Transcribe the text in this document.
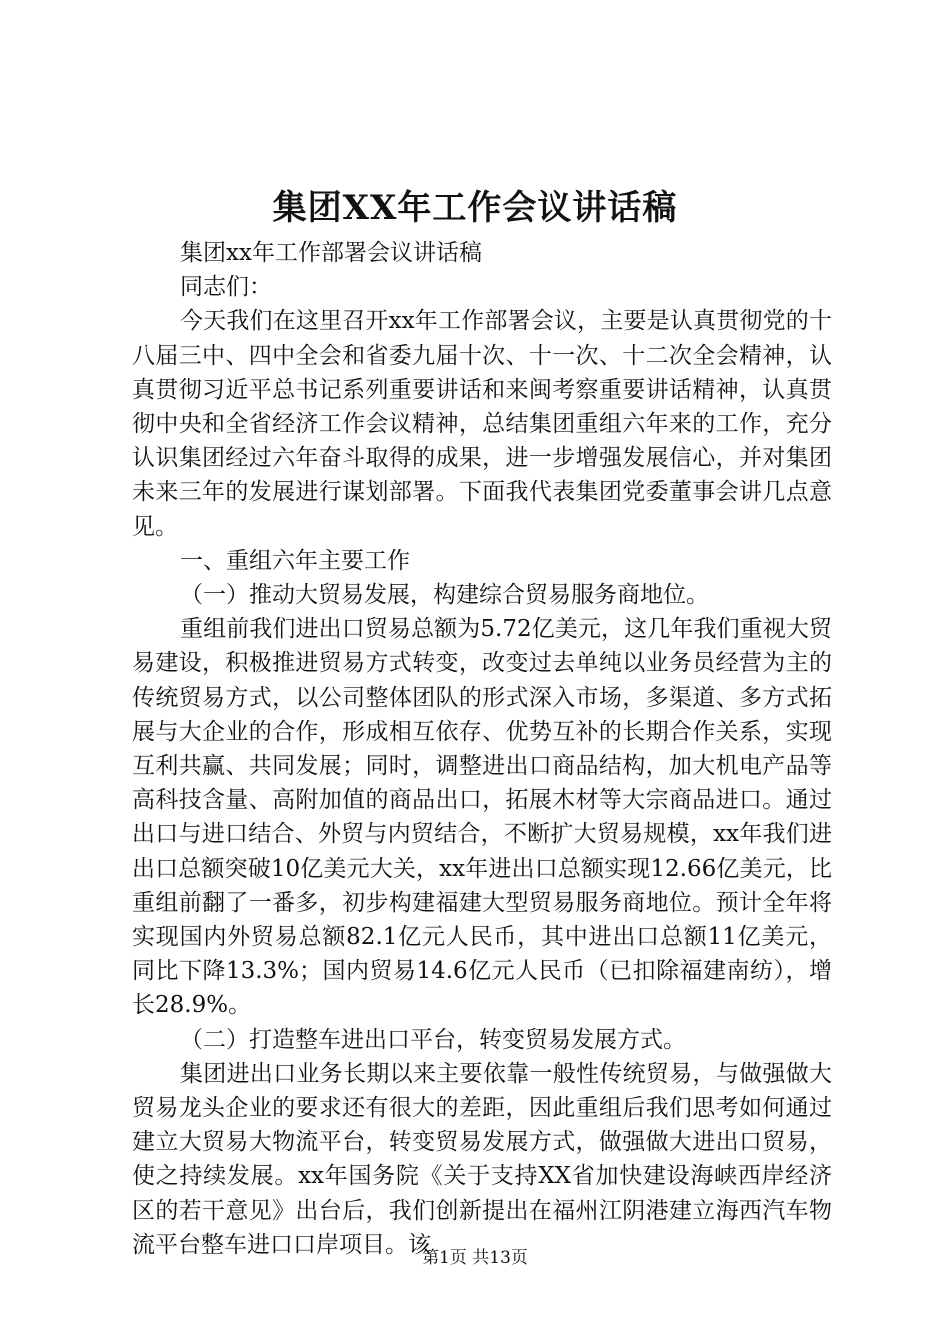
集团XX年工作会议讲话稿

集团xx年工作部署会议讲话稿

同志们：

今天我们在这里召开xx年工作部署会议，主要是认真贯彻党的十八届三中、四中全会和省委九届十次、十一次、十二次全会精神，认真贯彻习近平总书记系列重要讲话和来闽考察重要讲话精神，认真贯彻中央和全省经济工作会议精神，总结集团重组六年来的工作，充分认识集团经过六年奋斗取得的成果，进一步增强发展信心，并对集团未来三年的发展进行谋划部署。下面我代表集团党委董事会讲几点意见。

一、重组六年主要工作

（一）推动大贸易发展，构建综合贸易服务商地位。

重组前我们进出口贸易总额为5.72亿美元，这几年我们重视大贸易建设，积极推进贸易方式转变，改变过去单纯以业务员经营为主的传统贸易方式，以公司整体团队的形式深入市场，多渠道、多方式拓展与大企业的合作，形成相互依存、优势互补的长期合作关系，实现互利共赢、共同发展；同时，调整进出口商品结构，加大机电产品等高科技含量、高附加值的商品出口，拓展木材等大宗商品进口。通过出口与进口结合、外贸与内贸结合，不断扩大贸易规模，xx年我们进出口总额突破10亿美元大关，xx年进出口总额实现12.66亿美元，比重组前翻了一番多，初步构建福建大型贸易服务商地位。预计全年将实现国内外贸易总额82.1亿元人民币，其中进出口总额11亿美元，同比下降13.3%；国内贸易14.6亿元人民币（已扣除福建南纺），增长28.9%。

（二）打造整车进出口平台，转变贸易发展方式。

集团进出口业务长期以来主要依靠一般性传统贸易，与做强做大贸易龙头企业的要求还有很大的差距，因此重组后我们思考如何通过建立大贸易大物流平台，转变贸易发展方式，做强做大进出口贸易，使之持续发展。xx年国务院《关于支持XX省加快建设海峡西岸经济区的若干意见》出台后，我们创新提出在福州江阴港建立海西汽车物流平台整车进口口岸项目。该

第1页 共13页
